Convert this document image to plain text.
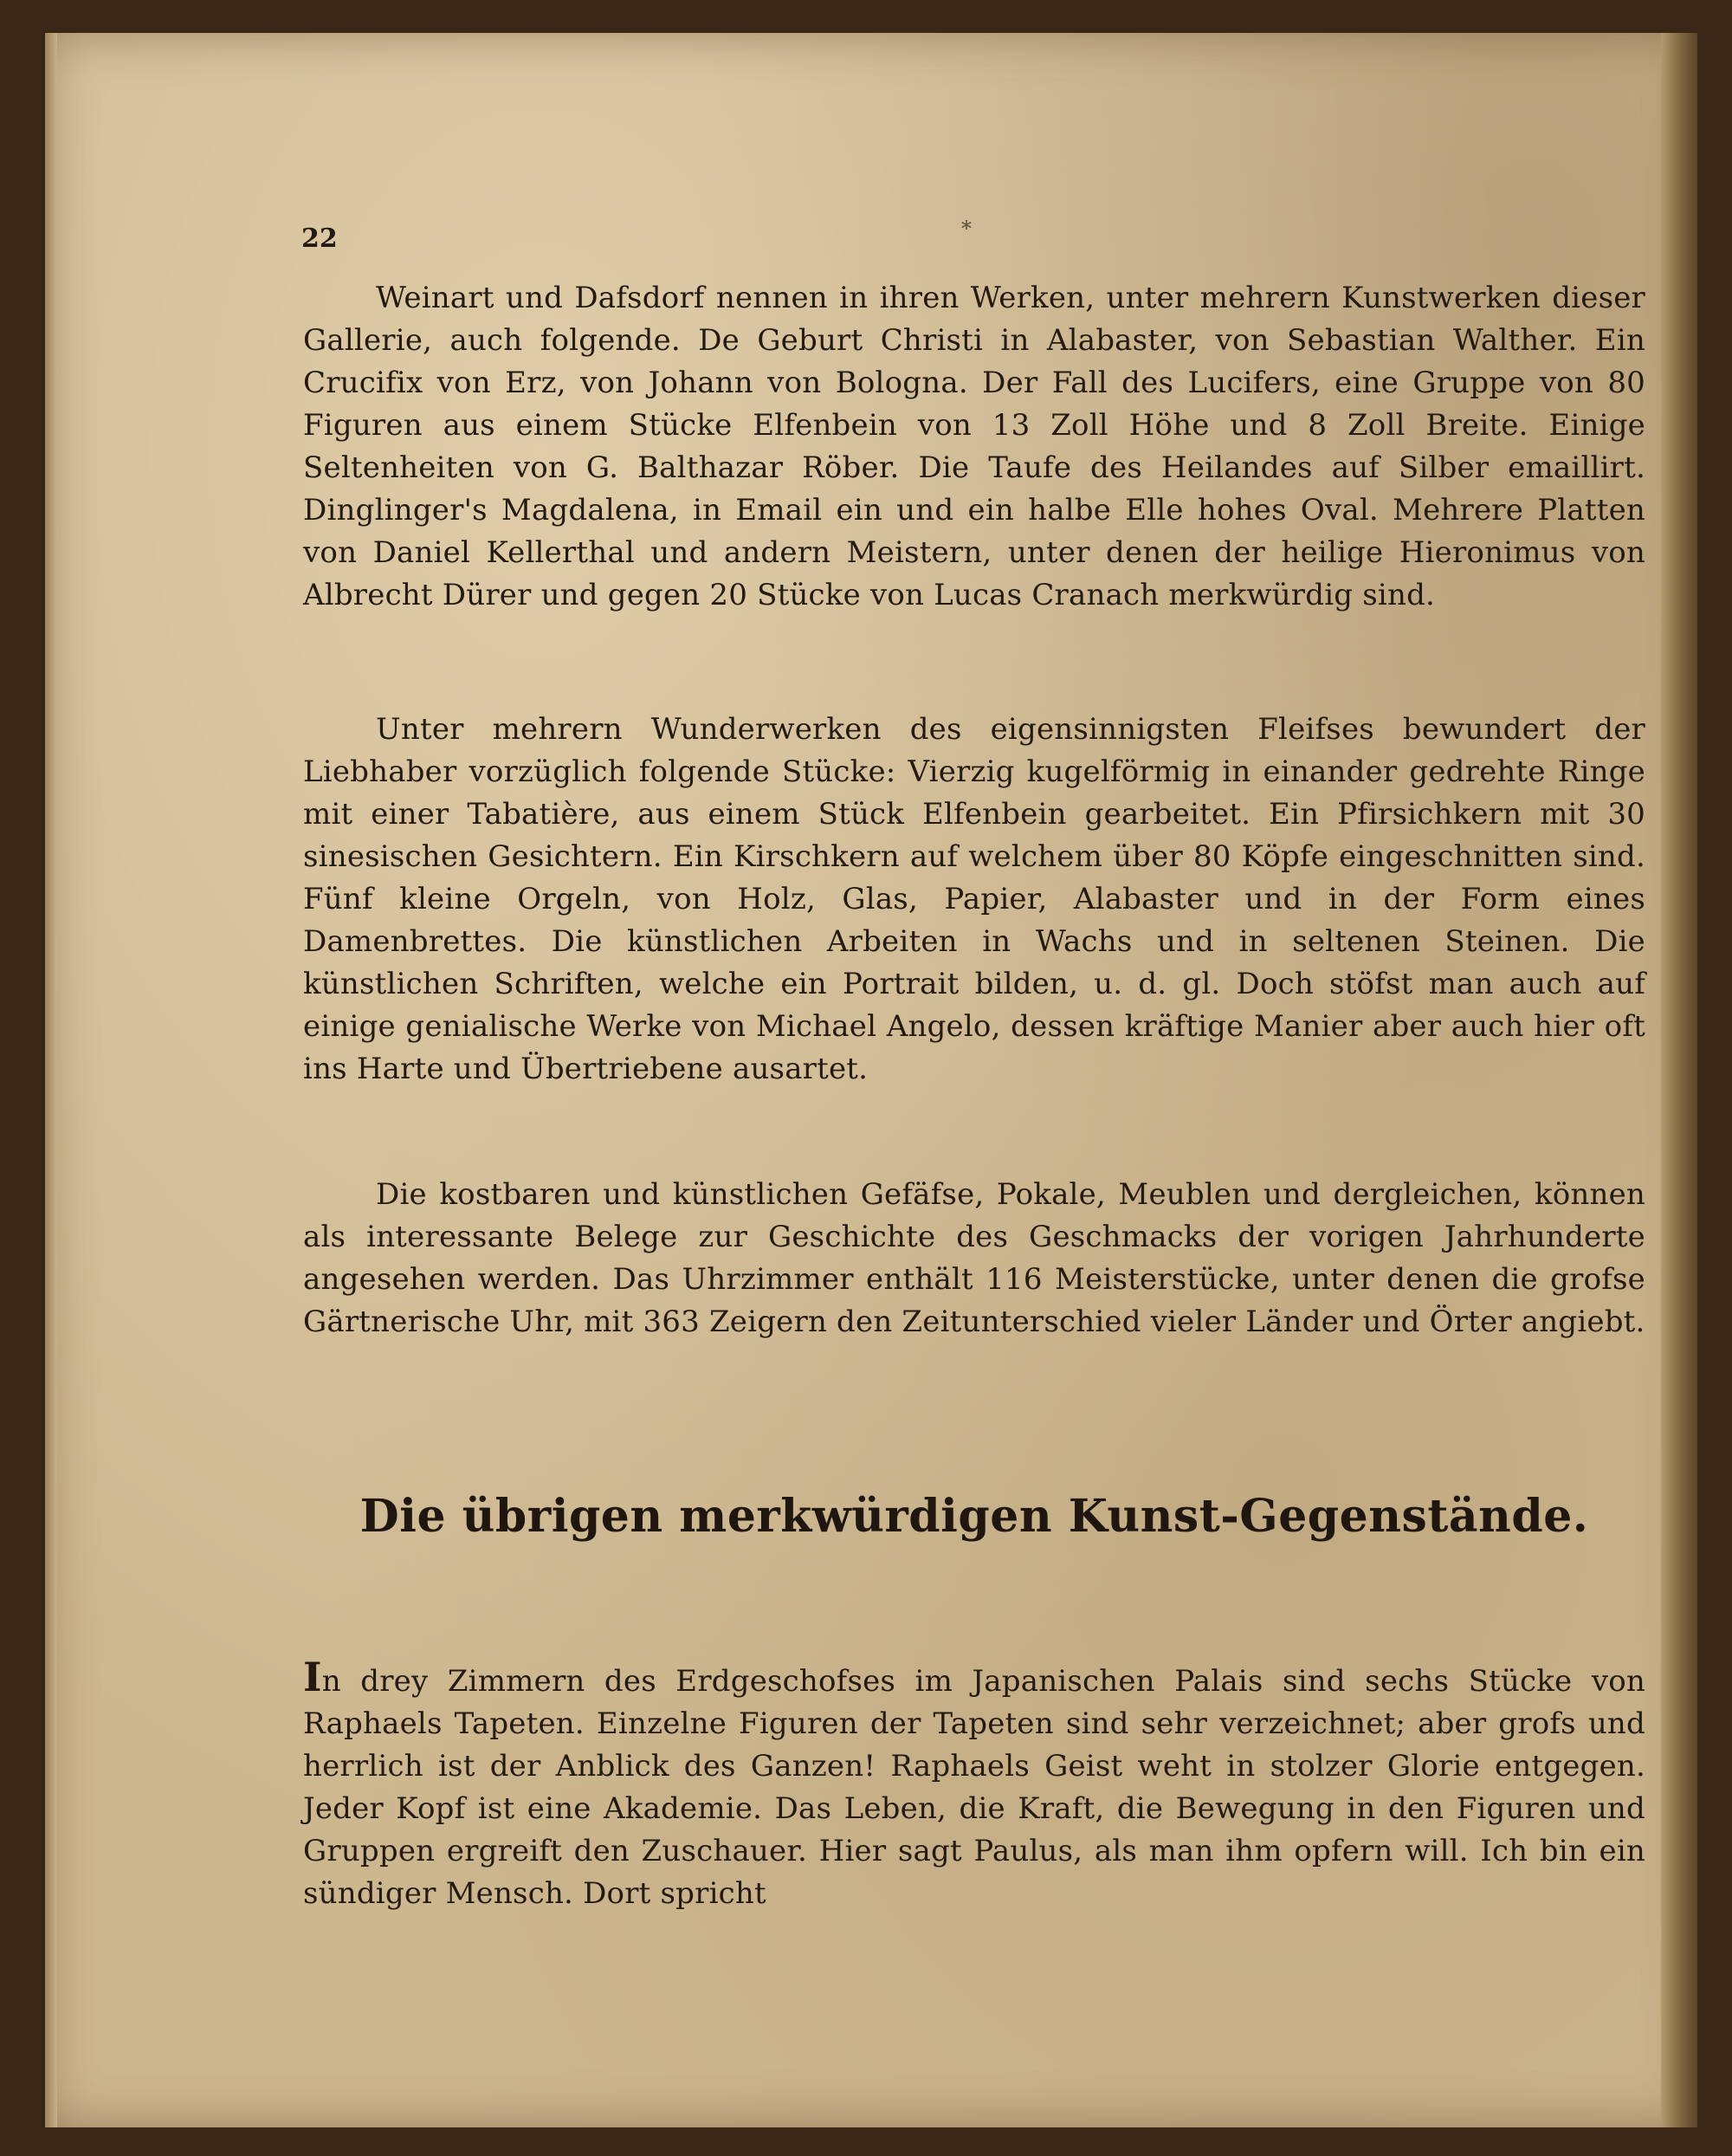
22	*

Weinart und Dafsdorf nennen in ihren Werken, unter mehrern Kunstwerken dieser Gallerie, auch folgende. De Geburt Christi in Alabaster, von Sebastian Walther. Ein Crucifix von Erz, von Johann von Bologna. Der Fall des Lucifers, eine Gruppe von 80 Figuren aus einem Stücke Elfenbein von 13 Zoll Höhe und 8 Zoll Breite. Einige Seltenheiten von G. Balthazar Röber. Die Taufe des Heilandes auf Silber emaillirt. Dinglinger's Magdalena, in Email ein und ein halbe Elle hohes Oval. Mehrere Platten von Daniel Kellerthal und andern Meistern, unter denen der heilige Hieronimus von Albrecht Dürer und gegen 20 Stücke von Lucas Cranach merkwürdig sind.

Unter mehrern Wunderwerken des eigensinnigsten Fleifses bewundert der Liebhaber vorzüglich folgende Stücke: Vierzig kugelförmig in einander gedrehte Ringe mit einer Tabatière, aus einem Stück Elfenbein gearbeitet. Ein Pfirsichkern mit 30 sinesischen Gesichtern. Ein Kirschkern auf welchem über 80 Köpfe eingeschnitten sind. Fünf kleine Orgeln, von Holz, Glas, Papier, Alabaster und in der Form eines Damenbrettes. Die künstlichen Arbeiten in Wachs und in seltenen Steinen. Die künstlichen Schriften, welche ein Portrait bilden, u. d. gl. Doch stöfst man auch auf einige genialische Werke von Michael Angelo, dessen kräftige Manier aber auch hier oft ins Harte und Übertriebene ausartet.

Die kostbaren und künstlichen Gefäfse, Pokale, Meublen und dergleichen, können als interessante Belege zur Geschichte des Geschmacks der vorigen Jahrhunderte angesehen werden. Das Uhrzimmer enthält 116 Meisterstücke, unter denen die grofse Gärtnerische Uhr, mit 363 Zeigern den Zeitunterschied vieler Länder und Örter angiebt.

Die übrigen merkwürdigen Kunst-Gegenstände.

In drey Zimmern des Erdgeschofses im Japanischen Palais sind sechs Stücke von Raphaels Tapeten. Einzelne Figuren der Tapeten sind sehr verzeichnet; aber grofs und herrlich ist der Anblick des Ganzen! Raphaels Geist weht in stolzer Glorie entgegen. Jeder Kopf ist eine Akademie. Das Leben, die Kraft, die Bewegung in den Figuren und Gruppen ergreift den Zuschauer. Hier sagt Paulus, als man ihm opfern will. Ich bin ein sündiger Mensch. Dort spricht
